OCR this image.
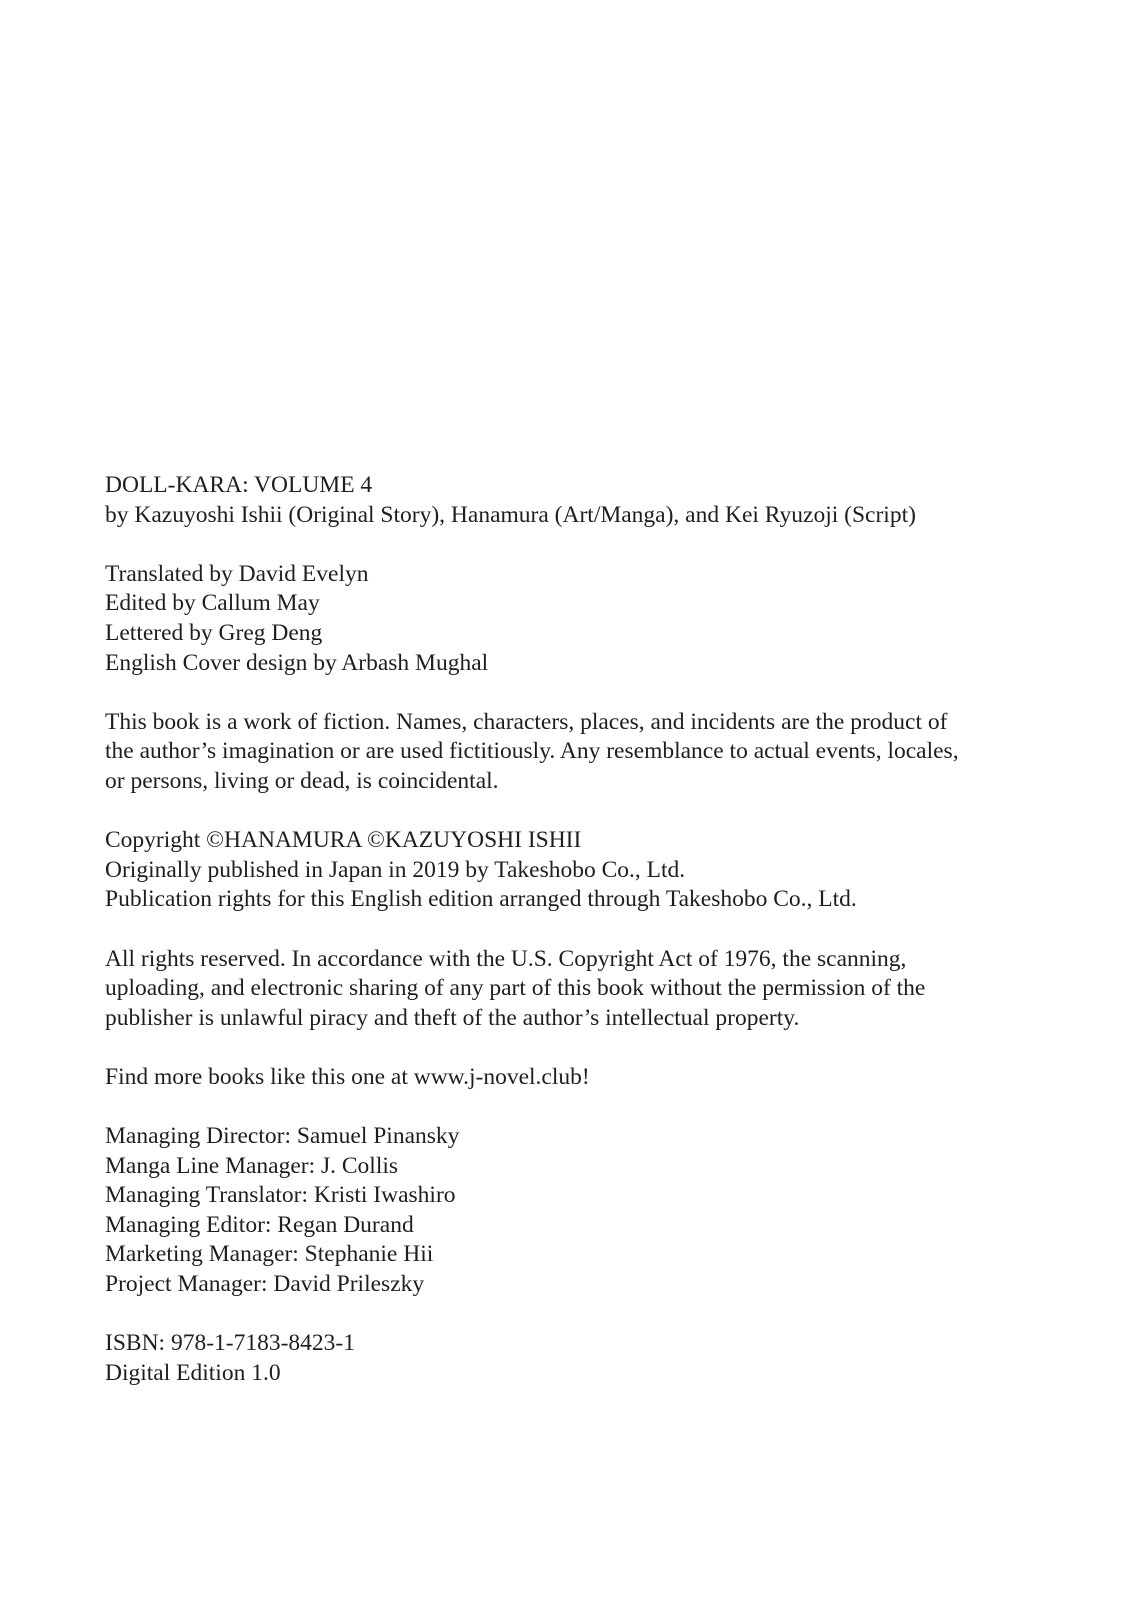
DOLL-KARA: VOLUME 4
by Kazuyoshi Ishii (Original Story), Hanamura (Art/Manga), and Kei Ryuzoji (Script)
Translated by David Evelyn
Edited by Callum May
Lettered by Greg Deng
English Cover design by Arbash Mughal
This book is a work of fiction. Names, characters, places, and incidents are the product of
the author’s imagination or are used fictitiously. Any resemblance to actual events, locales,
or persons, living or dead, is coincidental.
Copyright ©HANAMURA ©KAZUYOSHI ISHII
Originally published in Japan in 2019 by Takeshobo Co., Ltd.
Publication rights for this English edition arranged through Takeshobo Co., Ltd.
All rights reserved. In accordance with the U.S. Copyright Act of 1976, the scanning,
uploading, and electronic sharing of any part of this book without the permission of the
publisher is unlawful piracy and theft of the author’s intellectual property.
Find more books like this one at www.j-novel.club!
Managing Director: Samuel Pinansky
Manga Line Manager: J. Collis
Managing Translator: Kristi Iwashiro
Managing Editor: Regan Durand
Marketing Manager: Stephanie Hii
Project Manager: David Prileszky
ISBN: 978-1-7183-8423-1
Digital Edition 1.0
